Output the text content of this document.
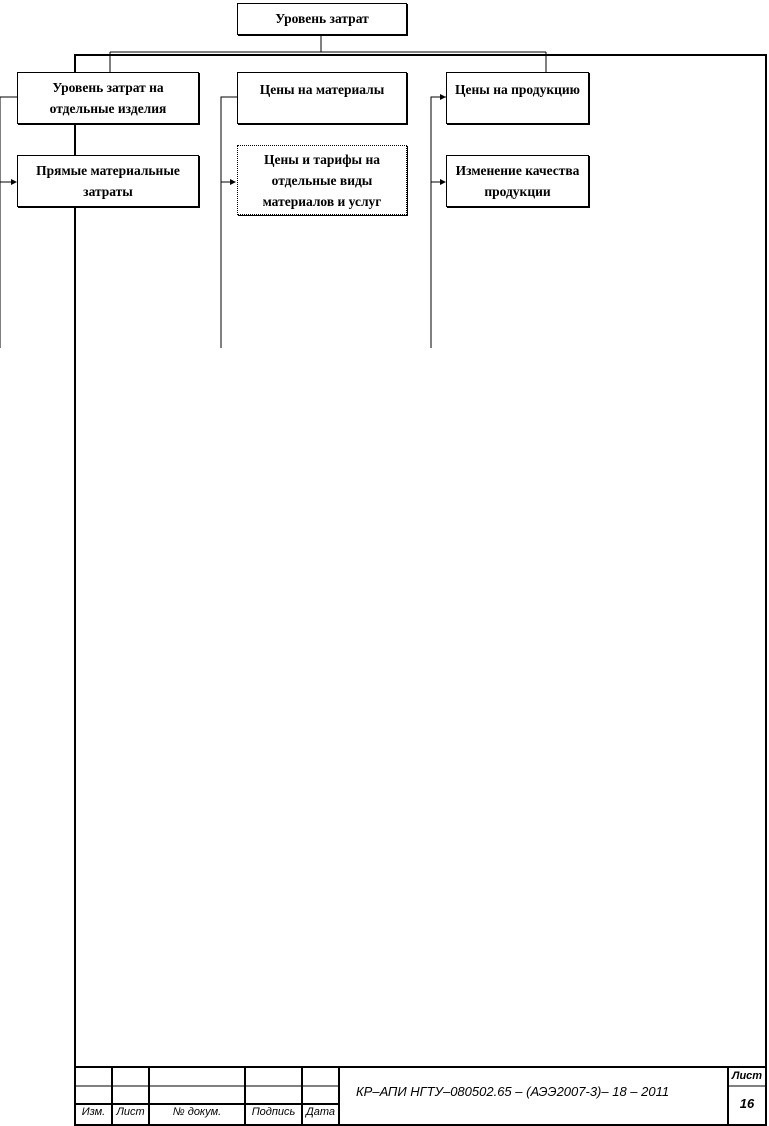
Уровень затрат
Уровень затрат на отдельные изделия
Прямые материальные затраты
Цены на материалы
Цены и тарифы на отдельные виды материалов и услуг
Цены на продукцию
Изменение качества продукции
Изм.	Лист	№ докум.	Подпись Дата
КР–АПИ НГТУ–080502.65 – (АЭЭ2007-3)– 18 – 2011
Лист
16
